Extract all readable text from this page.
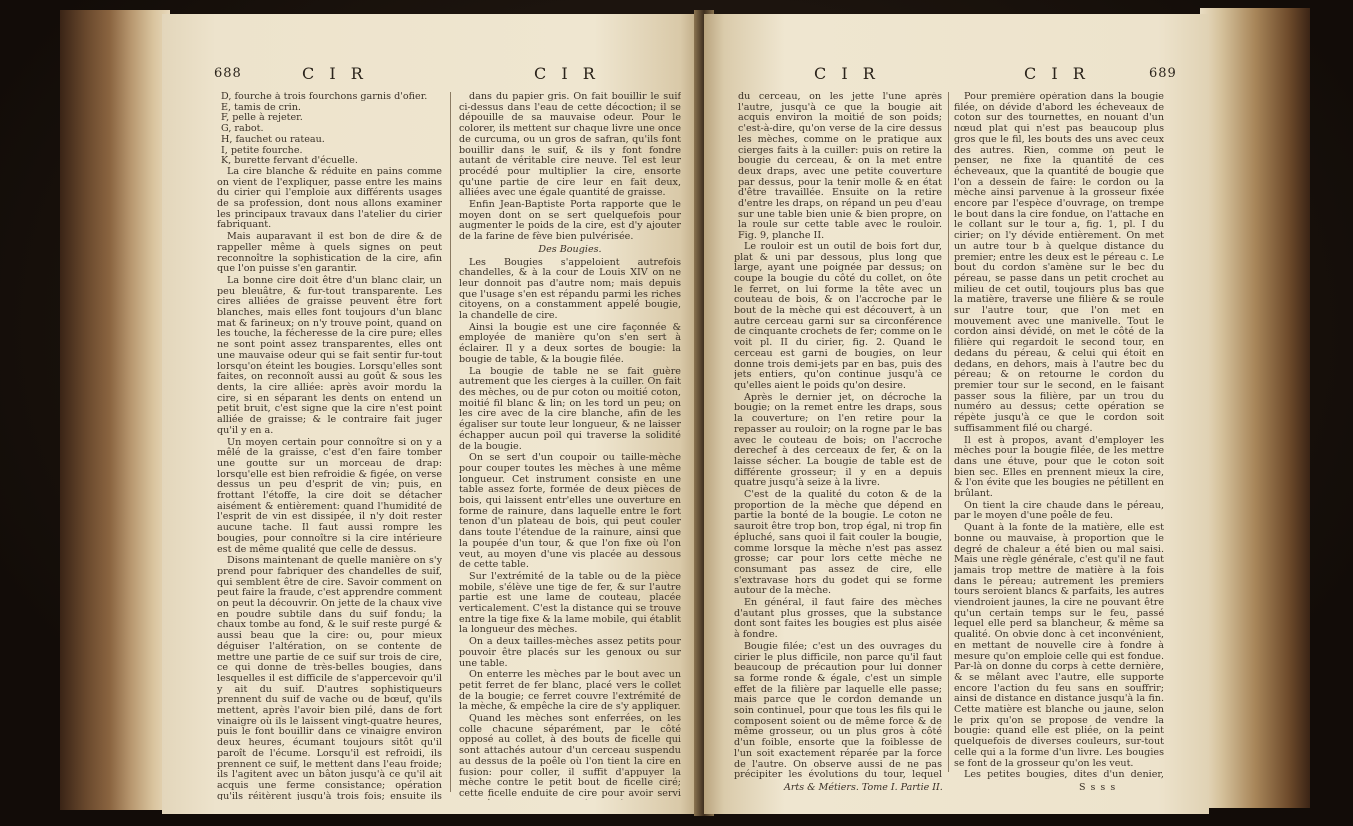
688	C I R	C I R

D, fourche à trois fourchons garnis d'ofier.

E, tamis de crin.

F, pelle à rejeter.

G, rabot.

H, fauchet ou rateau.

I, petite fourche.

K, burette fervant d'écuelle.

La cire blanche & réduite en pains comme on vient de l'expliquer, passe entre les mains du cirier qui l'emploie aux différents usages de sa profession, dont nous allons examiner les principaux travaux dans l'atelier du cirier fabriquant.

Mais auparavant il est bon de dire & de rappeller même à quels signes on peut reconnoître la sophistication de la cire, afin que l'on puisse s'en garantir.

La bonne cire doit être d'un blanc clair, un peu bleuâtre, & fur-tout transparente. Les cires alliées de graisse peuvent être fort blanches, mais elles font toujours d'un blanc mat & farineux; on n'y trouve point, quand on les touche, la fécheresse de la cire pure; elles ne sont point assez transparentes, elles ont une mauvaise odeur qui se fait sentir fur-tout lorsqu'on éteint les bougies. Lorsqu'elles sont faites, on reconnoît aussi au goût & sous les dents, la cire alliée: après avoir mordu la cire, si en séparant les dents on entend un petit bruit, c'est signe que la cire n'est point alliée de graisse; & le contraire fait juger qu'il y en a.

Un moyen certain pour connoître si on y a mêlé de la graisse, c'est d'en faire tomber une goutte sur un morceau de drap: lorsqu'elle est bien refroidie & figée, on verse dessus un peu d'esprit de vin; puis, en frottant l'étoffe, la cire doit se détacher aisément & entièrement: quand l'humidité de l'esprit de vin est dissipée, il n'y doit rester aucune tache. Il faut aussi rompre les bougies, pour connoître si la cire intérieure est de même qualité que celle de dessus.

Disons maintenant de quelle manière on s'y prend pour fabriquer des chandelles de suif, qui semblent être de cire. Savoir comment on peut faire la fraude, c'est apprendre comment on peut la découvrir. On jette de la chaux vive en poudre subtile dans du suif fondu; la chaux tombe au fond, & le suif reste purgé & aussi beau que la cire: ou, pour mieux déguiser l'altération, on se contente de mettre une partie de ce suif sur trois de cire, ce qui donne de très-belles bougies, dans lesquelles il est difficile de s'appercevoir qu'il y ait du suif. D'autres sophistiqueurs prennent du suif de vache ou de bœuf, qu'ils mettent, après l'avoir bien pilé, dans de fort vinaigre où ils le laissent vingt-quatre heures, puis le font bouillir dans ce vinaigre environ deux heures, écumant toujours sitôt qu'il paroît de l'écume. Lorsqu'il est refroidi, ils prennent ce suif, le mettent dans l'eau froide; ils l'agitent avec un bâton jusqu'à ce qu'il ait acquis une ferme consistance; opération qu'ils réitèrent jusqu'à trois fois; ensuite ils

dans du papier gris. On fait bouillir le suif ci-dessus dans l'eau de cette décoction; il se dépouille de sa mauvaise odeur. Pour le colorer, ils mettent sur chaque livre une once de curcuma, ou un gros de safran, qu'ils font bouillir dans le suif, & ils y font fondre autant de véritable cire neuve. Tel est leur procédé pour multiplier la cire, ensorte qu'une partie de cire leur en fait deux, alliées avec une égale quantité de graisse.

Enfin Jean-Baptiste Porta rapporte que le moyen dont on se sert quelquefois pour augmenter le poids de la cire, est d'y ajouter de la farine de fève bien pulvérisée.

Des Bougies.

Les Bougies s'appeloient autrefois chandelles, & à la cour de Louis XIV on ne leur donnoit pas d'autre nom; mais depuis que l'usage s'en est répandu parmi les riches citoyens, on a constamment appelé bougie, la chandelle de cire.

Ainsi la bougie est une cire façonnée & employée de manière qu'on s'en sert à éclairer. Il y a deux sortes de bougie: la bougie de table, & la bougie filée.

La bougie de table ne se fait guère autrement que les cierges à la cuiller. On fait des mèches, ou de pur coton ou moitié coton, moitié fil blanc & lin; on les tord un peu; on les cire avec de la cire blanche, afin de les égaliser sur toute leur longueur, & ne laisser échapper aucun poil qui traverse la solidité de la bougie.

On se sert d'un coupoir ou taille-mèche pour couper toutes les mèches à une même longueur. Cet instrument consiste en une table assez forte, formée de deux pièces de bois, qui laissent entr'elles une ouverture en forme de rainure, dans laquelle entre le fort tenon d'un plateau de bois, qui peut couler dans toute l'étendue de la rainure, ainsi que la poupée d'un tour, & que l'on fixe où l'on veut, au moyen d'une vis placée au dessous de cette table.

Sur l'extrémité de la table ou de la pièce mobile, s'élève une tige de fer, & sur l'autre partie est une lame de couteau, placée verticalement. C'est la distance qui se trouve entre la tige fixe & la lame mobile, qui établit la longueur des mèches.

On a deux tailles-mèches assez petits pour pouvoir être placés sur les genoux ou sur une table.

On enterre les mèches par le bout avec un petit ferret de fer blanc, placé vers le collet de la bougie; ce ferret couvre l'extrémité de la mèche, & empêche la cire de s'y appliquer.

Quand les mèches sont enferrées, on les colle chacune séparément, par le côté opposé au collet, à des bouts de ficelle qui sont attachés autour d'un cerceau suspendu au dessus de la poêle où l'on tient la cire en fusion: pour coller, il suffit d'appuyer la mèche contre le petit bout de ficelle ciré; cette ficelle enduite de cire pour avoir servi

C I R	C I R	689

du cerceau, on les jette l'une après l'autre, jusqu'à ce que la bougie ait acquis environ la moitié de son poids; c'est-à-dire, qu'on verse de la cire dessus les mèches, comme on le pratique aux cierges faits à la cuiller: puis on retire la bougie du cerceau, & on la met entre deux draps, avec une petite couverture par dessus, pour la tenir molle & en état d'être travaillée. Ensuite on la retire d'entre les draps, on répand un peu d'eau sur une table bien unie & bien propre, on la roule sur cette table avec le rouloir. Fig. 9, planche II.

Le rouloir est un outil de bois fort dur, plat & uni par dessous, plus long que large, ayant une poignée par dessus; on coupe la bougie du côté du collet, on ôte le ferret, on lui forme la tête avec un couteau de bois, & on l'accroche par le bout de la mèche qui est découvert, à un autre cerceau garni sur sa circonférence de cinquante crochets de fer; comme on le voit pl. II du cirier, fig. 2. Quand le cerceau est garni de bougies, on leur donne trois demi-jets par en bas, puis des jets entiers, qu'on continue jusqu'à ce qu'elles aient le poids qu'on desire.

Après le dernier jet, on décroche la bougie; on la remet entre les draps, sous la couverture; on l'en retire pour la repasser au rouloir; on la rogne par le bas avec le couteau de bois; on l'accroche derechef à des cerceaux de fer, & on la laisse sécher. La bougie de table est de différente grosseur; il y en a depuis quatre jusqu'à seize à la livre.

C'est de la qualité du coton & de la proportion de la mèche que dépend en partie la bonté de la bougie. Le coton ne sauroit être trop bon, trop égal, ni trop fin épluché, sans quoi il fait couler la bougie, comme lorsque la mèche n'est pas assez grosse; car pour lors cette mèche ne consumant pas assez de cire, elle s'extravase hors du godet qui se forme autour de la mèche.

En général, il faut faire des mèches d'autant plus grosses, que la substance dont sont faites les bougies est plus aisée à fondre.

Bougie filée; c'est un des ouvrages du cirier le plus difficile, non parce qu'il faut beaucoup de précaution pour lui donner sa forme ronde & égale, c'est un simple effet de la filière par laquelle elle passe; mais parce que le cordon demande un soin continuel, pour que tous les fils qui le composent soient ou de même force & de même grosseur, ou un plus gros à côté d'un foible, ensorte que la foiblesse de l'un soit exactement réparée par la force de l'autre. On observe aussi de ne pas précipiter les évolutions du tour, lequel

Pour première opération dans la bougie filée, on dévide d'abord les écheveaux de coton sur des tournettes, en nouant d'un nœud plat qui n'est pas beaucoup plus gros que le fil, les bouts des uns avec ceux des autres. Rien, comme on peut le penser, ne fixe la quantité de ces écheveaux, que la quantité de bougie que l'on a dessein de faire: le cordon ou la mèche ainsi parvenue à la grosseur fixée encore par l'espèce d'ouvrage, on trempe le bout dans la cire fondue, on l'attache en le collant sur le tour a, fig. 1, pl. I du cirier; on l'y dévide entièrement. On met un autre tour b à quelque distance du premier; entre les deux est le péreau c. Le bout du cordon s'amène sur le bec du péreau, se passe dans un petit crochet au milieu de cet outil, toujours plus bas que la matière, traverse une filière & se roule sur l'autre tour, que l'on met en mouvement avec une manivelle. Tout le cordon ainsi dévidé, on met le côté de la filière qui regardoit le second tour, en dedans du péreau, & celui qui étoit en dedans, en dehors, mais à l'autre bec du péreau; & on retourne le cordon du premier tour sur le second, en le faisant passer sous la filière, par un trou du numéro au dessus; cette opération se répète jusqu'à ce que le cordon soit suffisamment filé ou chargé.

Il est à propos, avant d'employer les mèches pour la bougie filée, de les mettre dans une étuve, pour que le coton soit bien sec. Elles en prennent mieux la cire, & l'on évite que les bougies ne pétillent en brûlant.

On tient la cire chaude dans le péreau, par le moyen d'une poêle de feu.

Quant à la fonte de la matière, elle est bonne ou mauvaise, à proportion que le degré de chaleur a été bien ou mal saisi. Mais une règle générale, c'est qu'il ne faut jamais trop mettre de matière à la fois dans le péreau; autrement les premiers tours seroient blancs & parfaits, les autres viendroient jaunes, la cire ne pouvant être qu'un certain temps sur le feu, passé lequel elle perd sa blancheur, & même sa qualité. On obvie donc à cet inconvénient, en mettant de nouvelle cire à fondre à mesure qu'on emploie celle qui est fondue. Par-là on donne du corps à cette dernière, & se mêlant avec l'autre, elle supporte encore l'action du feu sans en souffrir; ainsi de distance en distance jusqu'à la fin. Cette matière est blanche ou jaune, selon le prix qu'on se propose de vendre la bougie: quand elle est pliée, on la peint quelquefois de diverses couleurs, sur-tout celle qui a la forme d'un livre. Les bougies se font de la grosseur qu'on les veut.

Les petites bougies, dites d'un denier,

Arts & Métiers. Tome I. Partie II.	S s s s
